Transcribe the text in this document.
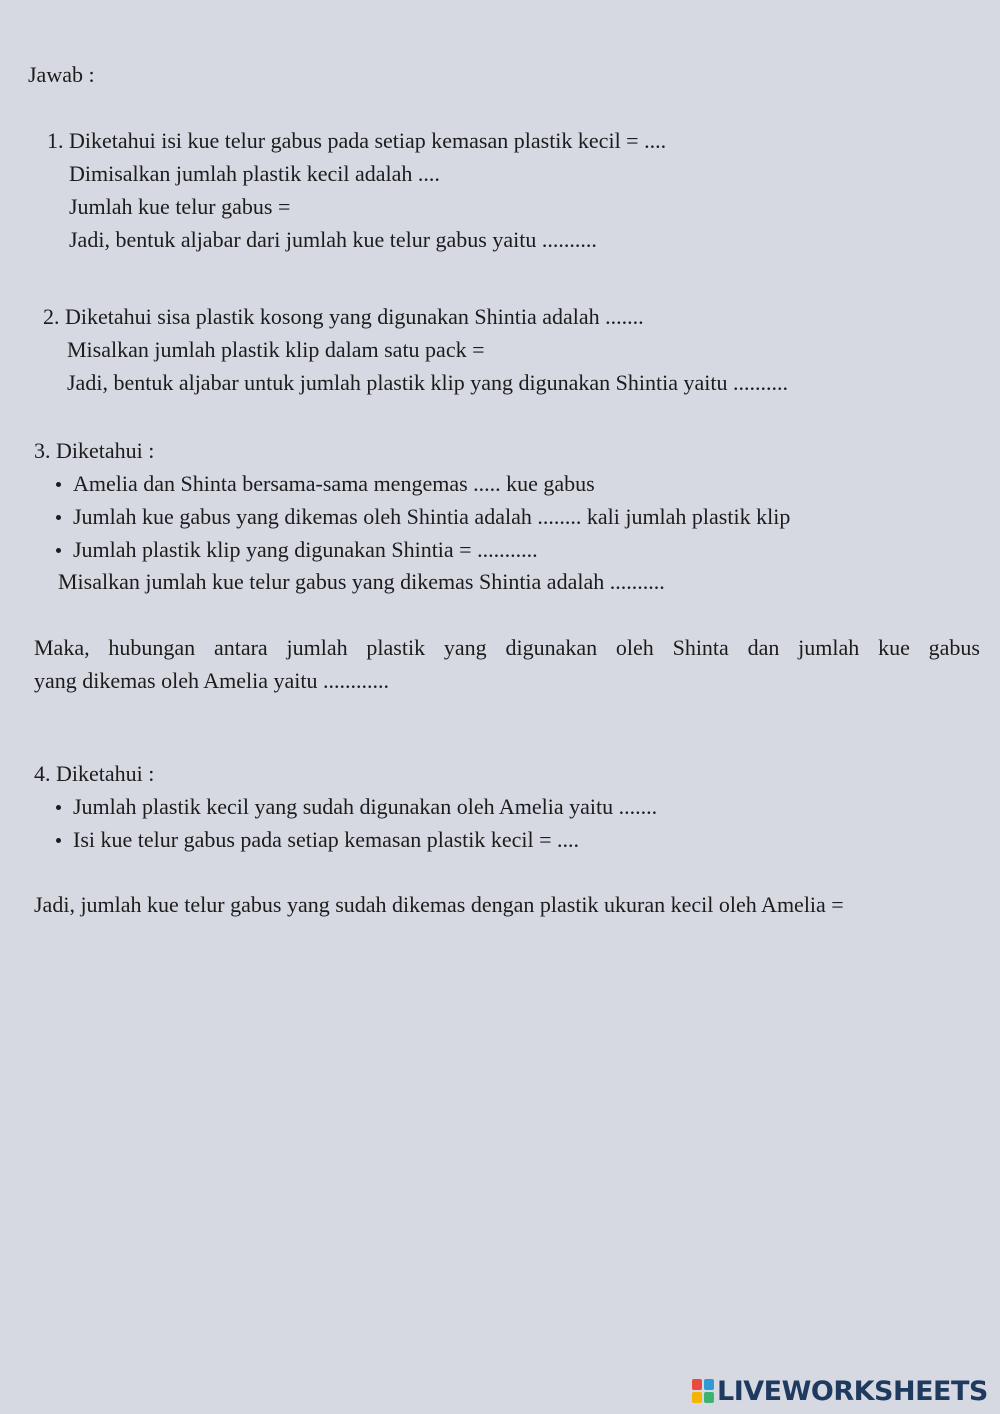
Jawab :
1. Diketahui isi kue telur gabus pada setiap kemasan plastik kecil = ....
Dimisalkan jumlah plastik kecil adalah ....
Jumlah kue telur gabus =
Jadi, bentuk aljabar dari jumlah kue telur gabus yaitu ..........
2. Diketahui sisa plastik kosong yang digunakan Shintia adalah .......
Misalkan jumlah plastik klip dalam satu pack =
Jadi, bentuk aljabar untuk jumlah plastik klip yang digunakan Shintia yaitu ..........
3. Diketahui :
Amelia dan Shinta bersama-sama mengemas ..... kue gabus
Jumlah kue gabus yang dikemas oleh Shintia adalah ........ kali jumlah plastik klip
Jumlah plastik klip yang digunakan Shintia = ...........
Misalkan jumlah kue telur gabus yang dikemas Shintia adalah ..........
Maka, hubungan antara jumlah plastik yang digunakan oleh Shinta dan jumlah kue gabus
yang dikemas oleh Amelia yaitu ............
4. Diketahui :
Jumlah plastik kecil yang sudah digunakan oleh Amelia yaitu .......
Isi kue telur gabus pada setiap kemasan plastik kecil = ....
Jadi, jumlah kue telur gabus yang sudah dikemas dengan plastik ukuran kecil oleh Amelia =
LIVEWORKSHEETS
